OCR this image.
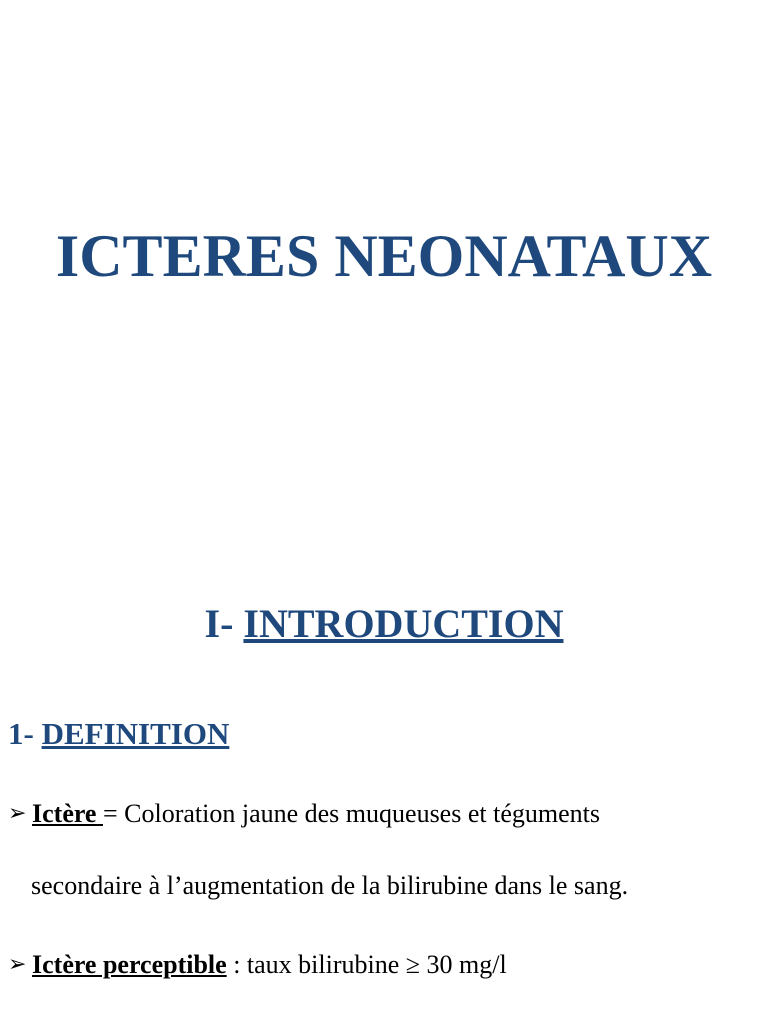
ICTERES NEONATAUX
I- INTRODUCTION
1- DEFINITION
➢ Ictère = Coloration jaune des muqueuses et téguments
secondaire à l’augmentation de la bilirubine dans le sang.
➢ Ictère perceptible : taux bilirubine ≥ 30 mg/l
